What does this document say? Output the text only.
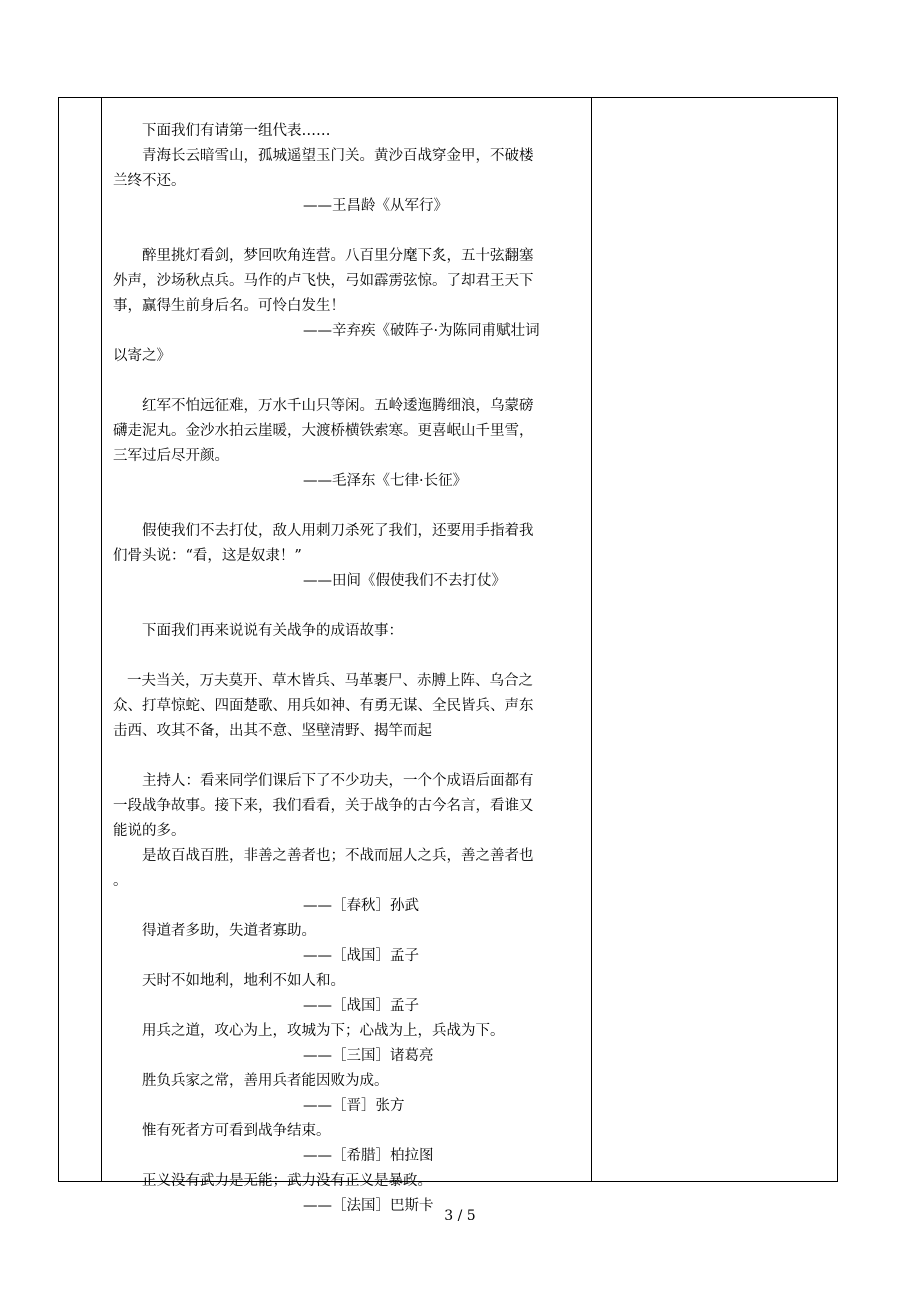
下面我们有请第一组代表……

青海长云暗雪山，孤城遥望玉门关。黄沙百战穿金甲，不破楼

兰终不还。

——王昌龄《从军行》

醉里挑灯看剑，梦回吹角连营。八百里分麾下炙，五十弦翻塞

外声，沙场秋点兵。马作的卢飞快，弓如霹雳弦惊。了却君王天下

事，赢得生前身后名。可怜白发生！

——辛弃疾《破阵子·为陈同甫赋壮词

以寄之》

红军不怕远征难，万水千山只等闲。五岭逶迤腾细浪，乌蒙磅

礴走泥丸。金沙水拍云崖暖，大渡桥横铁索寒。更喜岷山千里雪，

三军过后尽开颜。

——毛泽东《七律·长征》

假使我们不去打仗，敌人用刺刀杀死了我们，还要用手指着我

们骨头说：“看，这是奴隶！”

——田间《假使我们不去打仗》

下面我们再来说说有关战争的成语故事：

一夫当关，万夫莫开、草木皆兵、马革裹尸、赤膊上阵、乌合之

众、打草惊蛇、四面楚歌、用兵如神、有勇无谋、全民皆兵、声东

击西、攻其不备，出其不意、坚壁清野、揭竿而起

主持人：看来同学们课后下了不少功夫，一个个成语后面都有

一段战争故事。接下来，我们看看，关于战争的古今名言，看谁又

能说的多。

是故百战百胜，非善之善者也；不战而屈人之兵，善之善者也

。

——［春秋］孙武

得道者多助，失道者寡助。

——［战国］孟子

天时不如地利，地利不如人和。

——［战国］孟子

用兵之道，攻心为上，攻城为下；心战为上，兵战为下。

——［三国］诸葛亮

胜负兵家之常，善用兵者能因败为成。

——［晋］张方

惟有死者方可看到战争结束。

——［希腊］柏拉图

正义没有武力是无能；武力没有正义是暴政。

——［法国］巴斯卡

3 / 5
